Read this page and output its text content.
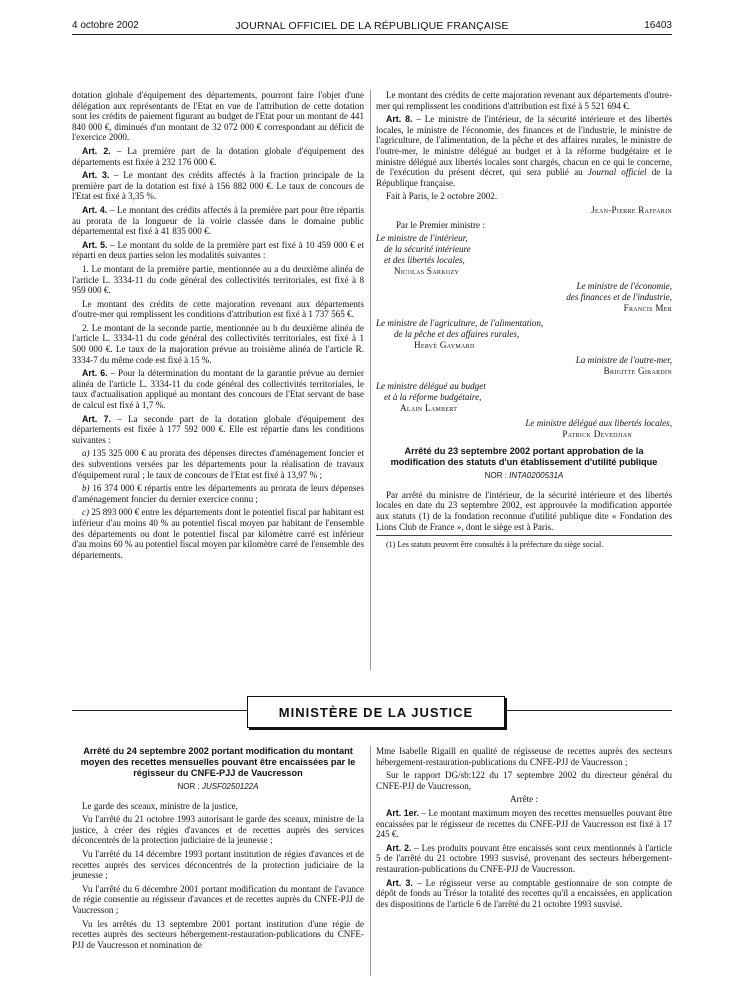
4 octobre 2002	JOURNAL OFFICIEL DE LA RÉPUBLIQUE FRANÇAISE	16403

dotation globale d'équipement des départements, pourront faire l'objet d'une délégation aux représentants de l'Etat en vue de l'attribution de cette dotation sont les crédits de paiement figurant au budget de l'Etat pour un montant de 441 840 000 €, diminués d'un montant de 32 072 000 € correspondant au déficit de l'exercice 2000.

Art. 2. – La première part de la dotation globale d'équipement des départements est fixée à 232 176 000 €.

Art. 3. – Le montant des crédits affectés à la fraction principale de la première part de la dotation est fixé à 156 882 000 €. Le taux de concours de l'Etat est fixé à 3,35 %.

Art. 4. – Le montant des crédits affectés à la première part pour être répartis au prorata de la longueur de la voirie classée dans le domaine public départemental est fixé à 41 835 000 €.

Art. 5. – Le montant du solde de la première part est fixé à 10 459 000 € et réparti en deux parties selon les modalités suivantes :

1. Le montant de la première partie, mentionnée au a du deuxième alinéa de l'article L. 3334-11 du code général des collectivités territoriales, est fixé à 8 959 000 €.

Le montant des crédits de cette majoration revenant aux départements d'outre-mer qui remplissent les conditions d'attribution est fixé à 1 737 565 €.

2. Le montant de la seconde partie, mentionnée au b du deuxième alinéa de l'article L. 3334-11 du code général des collectivités territoriales, est fixé à 1 500 000 €. Le taux de la majoration prévue au troisième alinéa de l'article R. 3334-7 du même code est fixé à 15 %.

Art. 6. – Pour la détermination du montant de la garantie prévue au dernier alinéa de l'article L. 3334-11 du code général des collectivités territoriales, le taux d'actualisation appliqué au montant des concours de l'Etat servant de base de calcul est fixé à 1,7 %.

Art. 7. – La seconde part de la dotation globale d'équipement des départements est fixée à 177 592 000 €. Elle est répartie dans les conditions suivantes :

a) 135 325 000 € au prorata des dépenses directes d'aménagement foncier et des subventions versées par les départements pour la réalisation de travaux d'équipement rural ; le taux de concours de l'Etat est fixé à 13,97 % ;

b) 16 374 000 € répartis entre les départements au prorata de leurs dépenses d'aménagement foncier du dernier exercice connu ;

c) 25 893 000 € entre les départements dont le potentiel fiscal par habitant est inférieur d'au moins 40 % au potentiel fiscal moyen par habitant de l'ensemble des départements ou dont le potentiel fiscal par kilomètre carré est inférieur d'au moins 60 % au potentiel fiscal moyen par kilomètre carré de l'ensemble des départements.

Le montant des crédits de cette majoration revenant aux départements d'outre-mer qui remplissent les conditions d'attribution est fixé à 5 521 694 €.

Art. 8. – Le ministre de l'intérieur, de la sécurité intérieure et des libertés locales, le ministre de l'économie, des finances et de l'industrie, le ministre de l'agriculture, de l'alimentation, de la pêche et des affaires rurales, le ministre de l'outre-mer, le ministre délégué au budget et à la réforme budgétaire et le ministre délégué aux libertés locales sont chargés, chacun en ce qui le concerne, de l'exécution du présent décret, qui sera publié au Journal officiel de la République française.

Fait à Paris, le 2 octobre 2002.

Jean-Pierre Raffarin

Par le Premier ministre :

Le ministre de l'intérieur,
de la sécurité intérieure
et des libertés locales,
Nicolas Sarkozy
Le ministre de l'économie,
des finances et de l'industrie,
Francis Mer
Le ministre de l'agriculture, de l'alimentation,
de la pêche et des affaires rurales,
Hervé Gaymard
La ministre de l'outre-mer,
Brigitte Girardin
Le ministre délégué au budget
et à la réforme budgétaire,
Alain Lambert
Le ministre délégué aux libertés locales,
Patrick Devedjian
Arrêté du 23 septembre 2002 portant approbation de la modification des statuts d'un établissement d'utilité publique
NOR : INTA0200531A

Par arrêté du ministre de l'intérieur, de la sécurité intérieure et des libertés locales en date du 23 septembre 2002, est approuvée la modification apportée aux statuts (1) de la fondation reconnue d'utilité publique dite « Fondation des Lions Club de France », dont le siège est à Paris.

(1) Les statuts peuvent être consultés à la préfecture du siège social.

MINISTÈRE DE LA JUSTICE
Arrêté du 24 septembre 2002 portant modification du montant moyen des recettes mensuelles pouvant être encaissées par le régisseur du CNFE-PJJ de Vaucresson
NOR : JUSF0250122A

Le garde des sceaux, ministre de la justice,

Vu l'arrêté du 21 octobre 1993 autorisant le garde des sceaux, ministre de la justice, à créer des régies d'avances et de recettes auprès des services déconcentrés de la protection judiciaire de la jeunesse ;

Vu l'arrêté du 14 décembre 1993 portant institution de régies d'avances et de recettes auprès des services déconcentrés de la protection judiciaire de la jeunesse ;

Vu l'arrêté du 6 décembre 2001 portant modification du montant de l'avance de régie consentie au régisseur d'avances et de recettes auprès du CNFE-PJJ de Vaucresson ;

Vu les arrêtés du 13 septembre 2001 portant institution d'une régie de recettes auprès des secteurs hébergement-restauration-publications du CNFE-PJJ de Vaucresson et nomination de

Mme Isabelle Rigaill en qualité de régisseuse de recettes auprès des secteurs hébergement-restauration-publications du CNFE-PJJ de Vaucresson ;

Sur le rapport DG/sb:122 du 17 septembre 2002 du directeur général du CNFE-PJJ de Vaucresson,

Arrête :

Art. 1er. – Le montant maximum moyen des recettes mensuelles pouvant être encaissées par le régisseur de recettes du CNFE-PJJ de Vaucresson est fixé à 17 245 €.

Art. 2. – Les produits pouvant être encaissés sont ceux mentionnés à l'article 5 de l'arrêté du 21 octobre 1993 susvisé, provenant des secteurs hébergement-restauration-publications du CNFE-PJJ de Vaucresson.

Art. 3. – Le régisseur verse au comptable gestionnaire de son compte de dépôt de fonds au Trésor la totalité des recettes qu'il a encaissées, en application des dispositions de l'article 6 de l'arrêté du 21 octobre 1993 susvisé.
